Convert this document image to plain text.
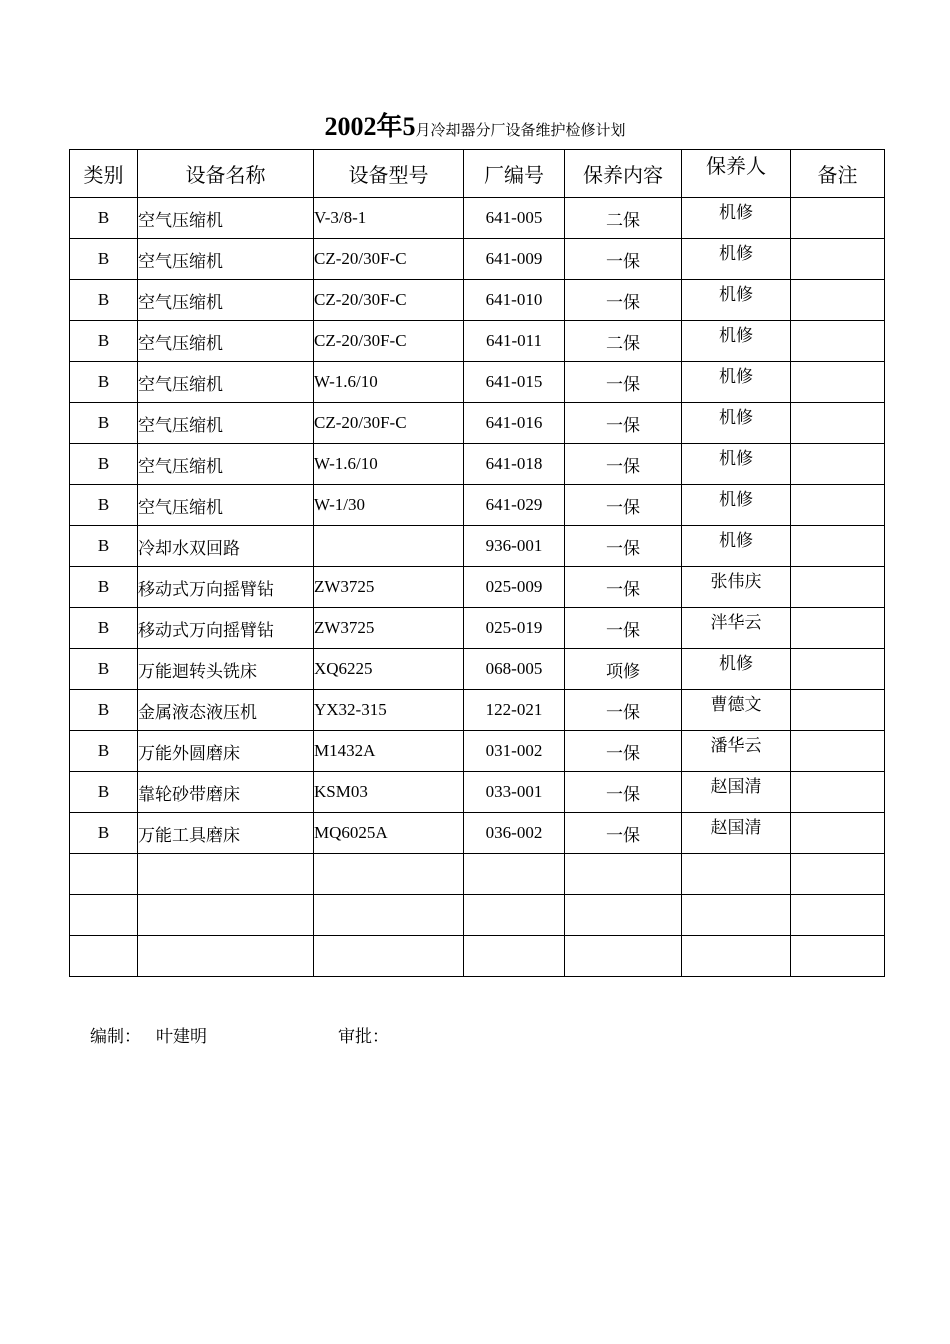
2002年5月冷却器分厂设备维护检修计划
类别	设备名称	设备型号	厂编号	保养内容	保养人	备注
B	空气压缩机	V-3/8-1	641-005	二保	机修	
B	空气压缩机	CZ-20/30F-C	641-009	一保	机修	
B	空气压缩机	CZ-20/30F-C	641-010	一保	机修	
B	空气压缩机	CZ-20/30F-C	641-011	二保	机修	
B	空气压缩机	W-1.6/10	641-015	一保	机修	
B	空气压缩机	CZ-20/30F-C	641-016	一保	机修	
B	空气压缩机	W-1.6/10	641-018	一保	机修	
B	空气压缩机	W-1/30	641-029	一保	机修	
B	冷却水双回路		936-001	一保	机修	
B	移动式万向摇臂钻	ZW3725	025-009	一保	张伟庆	
B	移动式万向摇臂钻	ZW3725	025-019	一保	泮华云	
B	万能迴转头铣床	XQ6225	068-005	项修	机修	
B	金属液态液压机	YX32-315	122-021	一保	曹德文	
B	万能外圆磨床	M1432A	031-002	一保	潘华云	
B	靠轮砂带磨床	KSM03	033-001	一保	赵国清	
B	万能工具磨床	MQ6025A	036-002	一保	赵国清	

编制： 叶建明	审批：
